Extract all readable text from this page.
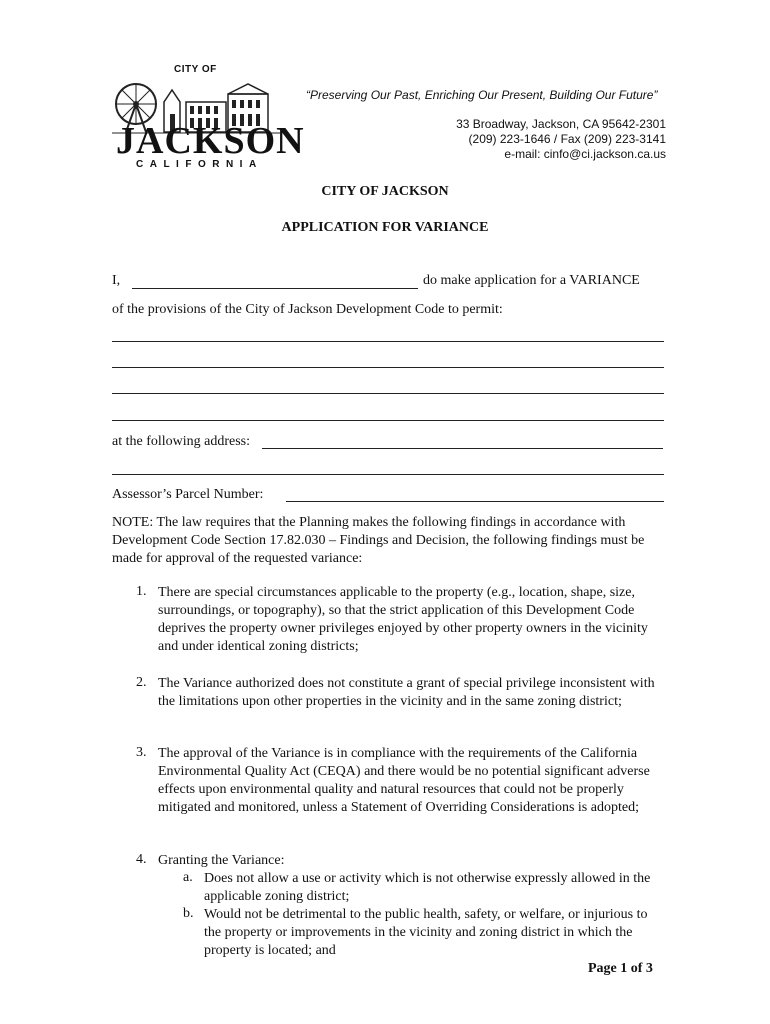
CITY OF
JACKSON
CALIFORNIA
“Preserving Our Past, Enriching Our Present, Building Our Future”
33 Broadway, Jackson, CA 95642-2301
(209) 223-1646 / Fax (209) 223-3141
e-mail: cinfo@ci.jackson.ca.us
CITY OF JACKSON
APPLICATION FOR VARIANCE
I,	do make application for a VARIANCE
of the provisions of the City of Jackson Development Code to permit:
at the following address:
Assessor’s Parcel Number:
NOTE: The law requires that the Planning makes the following findings in accordance with Development Code Section 17.82.030 – Findings and Decision, the following findings must be made for approval of the requested variance:
1. There are special circumstances applicable to the property (e.g., location, shape, size, surroundings, or topography), so that the strict application of this Development Code deprives the property owner privileges enjoyed by other property owners in the vicinity and under identical zoning districts;
2. The Variance authorized does not constitute a grant of special privilege inconsistent with the limitations upon other properties in the vicinity and in the same zoning district;
3. The approval of the Variance is in compliance with the requirements of the California Environmental Quality Act (CEQA) and there would be no potential significant adverse effects upon environmental quality and natural resources that could not be properly mitigated and monitored, unless a Statement of Overriding Considerations is adopted;
4. Granting the Variance:
a. Does not allow a use or activity which is not otherwise expressly allowed in the applicable zoning district;
b. Would not be detrimental to the public health, safety, or welfare, or injurious to the property or improvements in the vicinity and zoning district in which the property is located; and
Page 1 of 3
